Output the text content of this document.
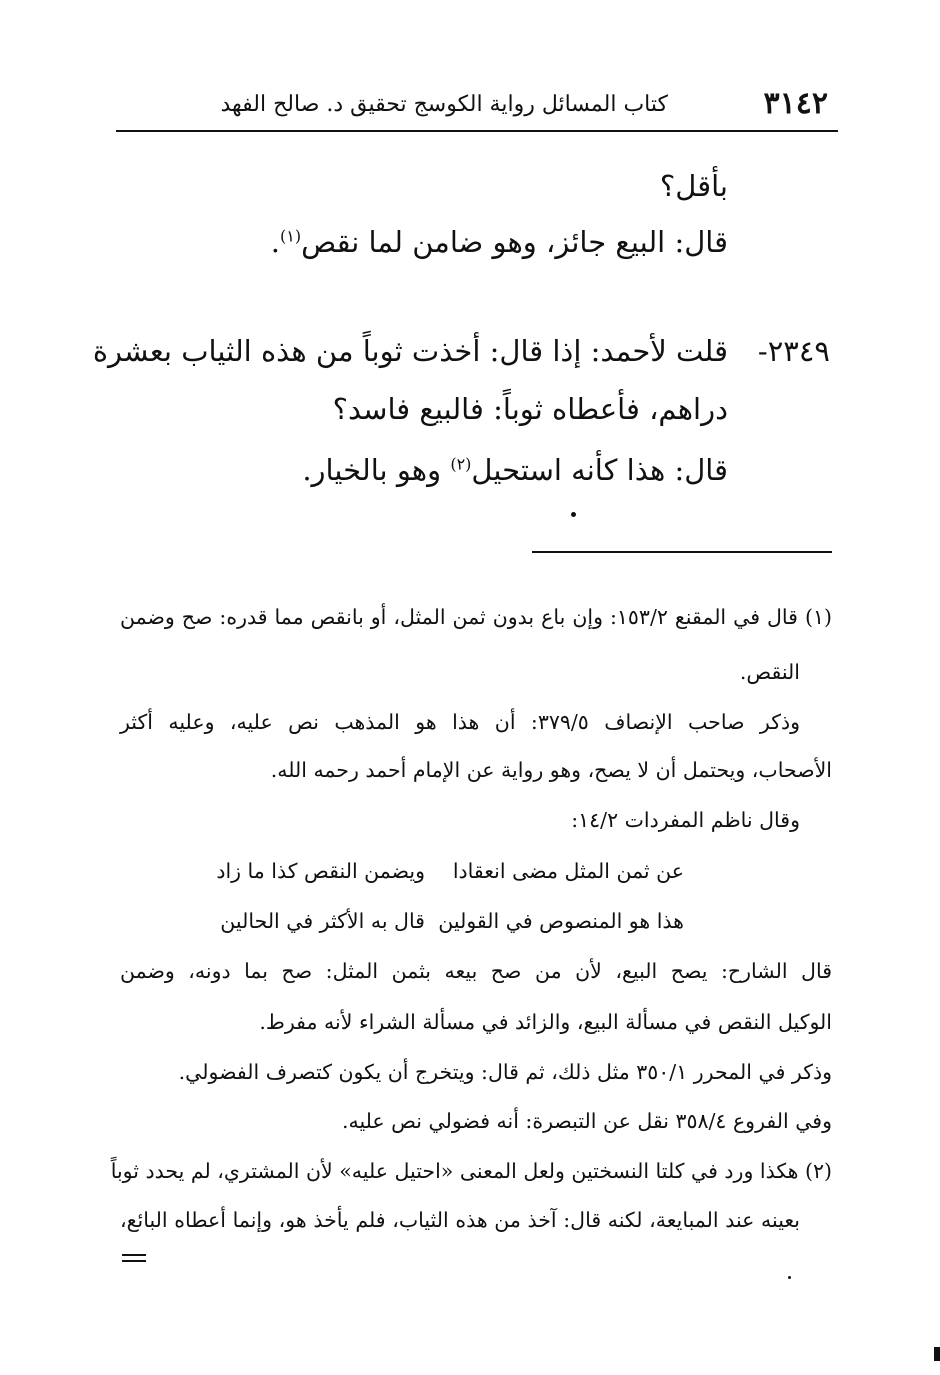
٣١٤٢
كتاب المسائل رواية الكوسج تحقيق د. صالح الفهد
بأقل؟
قال: البيع جائز، وهو ضامن لما نقص$^{(١)}$.
٢٣٤٩-
قلت لأحمد: إذا قال: أخذت ثوباً من هذه الثياب بعشرة
دراهم، فأعطاه ثوباً: فالبيع فاسد؟
قال: هذا كأنه استحيل$^{(٢)}$ وهو بالخيار.
(١) قال في المقنع ١٥٣/٢: وإن باع بدون ثمن المثل، أو بانقص مما قدره: صح وضمن
النقص.
وذكر صاحب الإنصاف ٣٧٩/٥: أن هذا هو المذهب نص عليه، وعليه أكثر
الأصحاب، ويحتمل أن لا يصح، وهو رواية عن الإمام أحمد رحمه الله.
وقال ناظم المفردات ١٤/٢:
عن ثمن المثل مضى انعقادا
ويضمن النقص كذا ما زاد
هذا هو المنصوص في القولين
قال به الأكثر في الحالين
قال الشارح: يصح البيع، لأن من صح بيعه بثمن المثل: صح بما دونه، وضمن
الوكيل النقص في مسألة البيع، والزائد في مسألة الشراء لأنه مفرط.
وذكر في المحرر ٣٥٠/١ مثل ذلك، ثم قال: ويتخرج أن يكون كتصرف الفضولي.
وفي الفروع ٣٥٨/٤ نقل عن التبصرة: أنه فضولي نص عليه.
(٢) هكذا ورد في كلتا النسختين ولعل المعنى «احتيل عليه» لأن المشتري، لم يحدد ثوباً
بعينه عند المبايعة، لكنه قال: آخذ من هذه الثياب، فلم يأخذ هو، وإنما أعطاه البائع،
